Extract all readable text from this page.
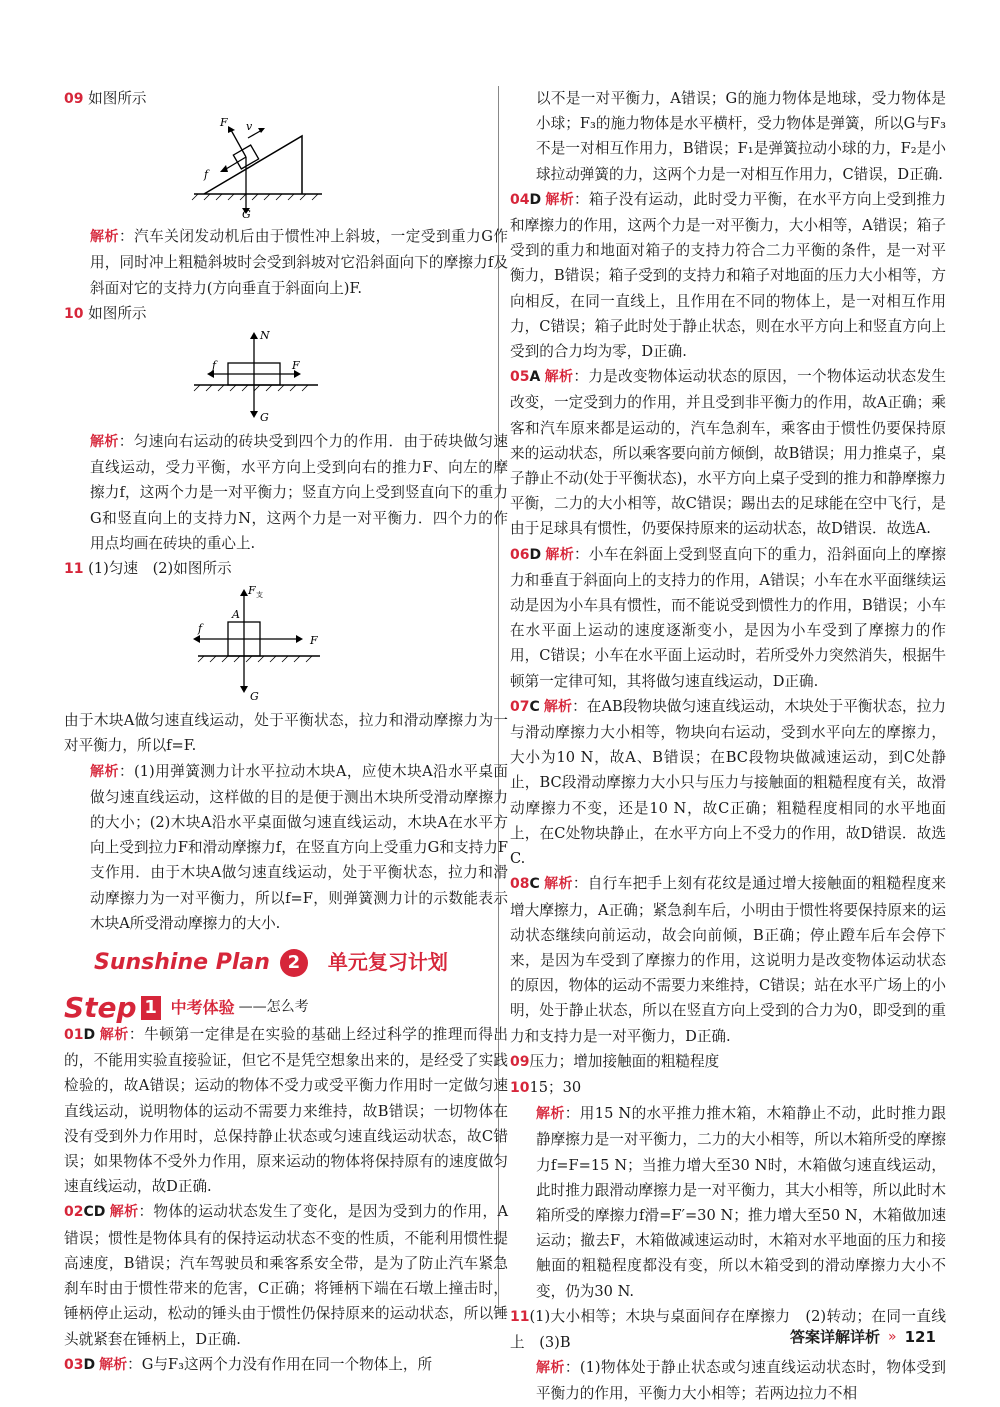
09 如图所示

F v
f
G

解析：汽车关闭发动机后由于惯性冲上斜坡，一定受到重力G作用，同时冲上粗糙斜坡时会受到斜坡对它沿斜面向下的摩擦力f及斜面对它的支持力(方向垂直于斜面向上)F.

10 如图所示

N
f	F
G

解析：匀速向右运动的砖块受到四个力的作用．由于砖块做匀速直线运动，受力平衡，水平方向上受到向右的推力F、向左的摩擦力f，这两个力是一对平衡力；竖直方向上受到竖直向下的重力G和竖直向上的支持力N，这两个力是一对平衡力．四个力的作用点均画在砖块的重心上.

11 (1)匀速　(2)如图所示

F 支
A
f
F
G

由于木块A做匀速直线运动，处于平衡状态，拉力和滑动摩擦力为一对平衡力，所以f=F.

解析：(1)用弹簧测力计水平拉动木块A，应使木块A沿水平桌面做匀速直线运动，这样做的目的是便于测出木块所受滑动摩擦力的大小；(2)木块A沿水平桌面做匀速直线运动，木块A在水平方向上受到拉力F和滑动摩擦力f，在竖直方向上受重力G和支持力F支作用．由于木块A做匀速直线运动，处于平衡状态，拉力和滑动摩擦力为一对平衡力，所以f=F，则弹簧测力计的示数能表示木块A所受滑动摩擦力的大小.

Sunshine Plan 2	单元复习计划
Step 1 中考体验 ——怎么考

01D 解析：牛顿第一定律是在实验的基础上经过科学的推理而得出的，不能用实验直接验证，但它不是凭空想象出来的，是经受了实践检验的，故A错误；运动的物体不受力或受平衡力作用时一定做匀速直线运动，说明物体的运动不需要力来维持，故B错误；一切物体在没有受到外力作用时，总保持静止状态或匀速直线运动状态，故C错误；如果物体不受外力作用，原来运动的物体将保持原有的速度做匀速直线运动，故D正确.

02CD 解析：物体的运动状态发生了变化，是因为受到力的作用，A错误；惯性是物体具有的保持运动状态不变的性质，不能利用惯性提高速度，B错误；汽车驾驶员和乘客系安全带，是为了防止汽车紧急刹车时由于惯性带来的危害，C正确；将锤柄下端在石墩上撞击时，锤柄停止运动，松动的锤头由于惯性仍保持原来的运动状态，所以锤头就紧套在锤柄上，D正确.

03D 解析：G与F₃这两个力没有作用在同一个物体上，所

以不是一对平衡力，A错误；G的施力物体是地球，受力物体是小球；F₃的施力物体是水平横杆，受力物体是弹簧，所以G与F₃不是一对相互作用力，B错误；F₁是弹簧拉动小球的力，F₂是小球拉动弹簧的力，这两个力是一对相互作用力，C错误，D正确.

04D 解析：箱子没有运动，此时受力平衡，在水平方向上受到推力和摩擦力的作用，这两个力是一对平衡力，大小相等，A错误；箱子受到的重力和地面对箱子的支持力符合二力平衡的条件，是一对平衡力，B错误；箱子受到的支持力和箱子对地面的压力大小相等，方向相反，在同一直线上，且作用在不同的物体上，是一对相互作用力，C错误；箱子此时处于静止状态，则在水平方向上和竖直方向上受到的合力均为零，D正确.

05A 解析：力是改变物体运动状态的原因，一个物体运动状态发生改变，一定受到力的作用，并且受到非平衡力的作用，故A正确；乘客和汽车原来都是运动的，汽车急刹车，乘客由于惯性仍要保持原来的运动状态，所以乘客要向前方倾倒，故B错误；用力推桌子，桌子静止不动(处于平衡状态)，水平方向上桌子受到的推力和静摩擦力平衡，二力的大小相等，故C错误；踢出去的足球能在空中飞行，是由于足球具有惯性，仍要保持原来的运动状态，故D错误．故选A.

06D 解析：小车在斜面上受到竖直向下的重力，沿斜面向上的摩擦力和垂直于斜面向上的支持力的作用，A错误；小车在水平面继续运动是因为小车具有惯性，而不能说受到惯性力的作用，B错误；小车在水平面上运动的速度逐渐变小，是因为小车受到了摩擦力的作用，C错误；小车在水平面上运动时，若所受外力突然消失，根据牛顿第一定律可知，其将做匀速直线运动，D正确.

07C 解析：在AB段物块做匀速直线运动，木块处于平衡状态，拉力与滑动摩擦力大小相等，物块向右运动，受到水平向左的摩擦力，大小为10 N，故A、B错误；在BC段物块做减速运动，到C处静止，BC段滑动摩擦力大小只与压力与接触面的粗糙程度有关，故滑动摩擦力不变，还是10 N，故C正确；粗糙程度相同的水平地面上，在C处物块静止，在水平方向上不受力的作用，故D错误．故选C.

08C 解析：自行车把手上刻有花纹是通过增大接触面的粗糙程度来增大摩擦力，A正确；紧急刹车后，小明由于惯性将要保持原来的运动状态继续向前运动，故会向前倾，B正确；停止蹬车后车会停下来，是因为车受到了摩擦力的作用，这说明力是改变物体运动状态的原因，物体的运动不需要力来维持，C错误；站在水平广场上的小明，处于静止状态，所以在竖直方向上受到的合力为0，即受到的重力和支持力是一对平衡力，D正确.

09压力；增加接触面的粗糙程度

1015；30

解析：用15 N的水平推力推木箱，木箱静止不动，此时推力跟静摩擦力是一对平衡力，二力的大小相等，所以木箱所受的摩擦力f=F=15 N；当推力增大至30 N时，木箱做匀速直线运动，此时推力跟滑动摩擦力是一对平衡力，其大小相等，所以此时木箱所受的摩擦力f滑=F′=30 N；推力增大至50 N，木箱做加速运动；撤去F，木箱做减速运动时，木箱对水平地面的压力和接触面的粗糙程度都没有变，所以木箱受到的滑动摩擦力大小不变，仍为30 N.

11(1)大小相等；木块与桌面间存在摩擦力　(2)转动；在同一直线上　(3)B

解析：(1)物体处于静止状态或匀速直线运动状态时，物体受到平衡力的作用，平衡力大小相等；若两边拉力不相

答案详解详析 » 121
